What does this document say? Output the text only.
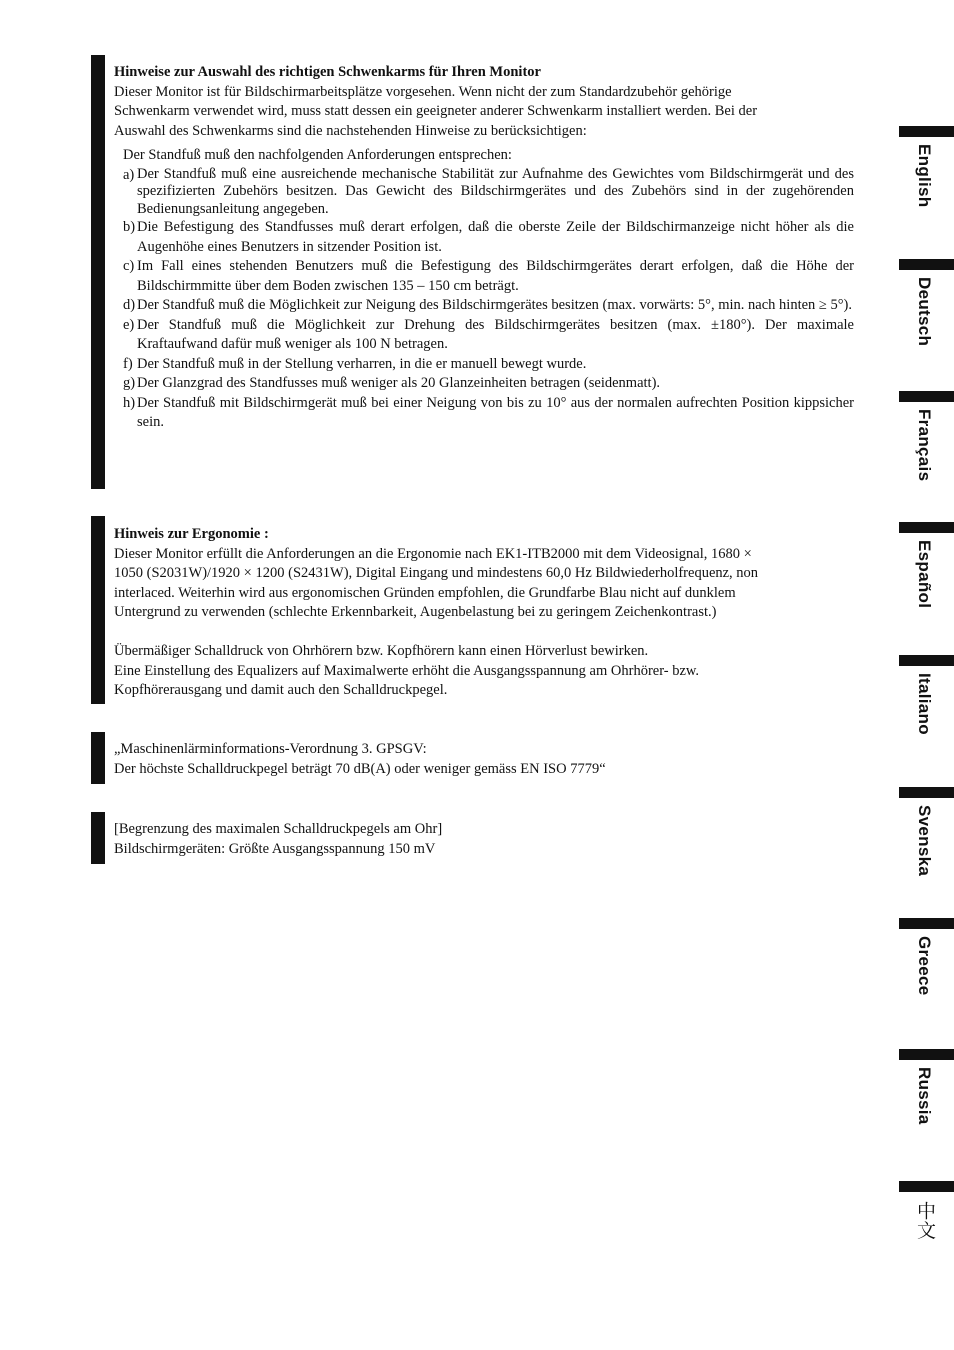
Hinweise zur Auswahl des richtigen Schwenkarms für Ihren Monitor
Dieser Monitor ist für Bildschirmarbeitsplätze vorgesehen. Wenn nicht der zum Standardzubehör gehörige
Schwenkarm verwendet wird, muss statt dessen ein geeigneter anderer Schwenkarm installiert werden. Bei der
Auswahl des Schwenkarms sind die nachstehenden Hinweise zu berücksichtigen:
Der Standfuß muß den nachfolgenden Anforderungen entsprechen:
a) Der Standfuß muß eine ausreichende mechanische Stabilität zur Aufnahme des Gewichtes vom Bildschirmgerät und des spezifizierten Zubehörs besitzen. Das Gewicht des Bildschirmgerätes und des Zubehörs sind in der zugehörenden Bedienungsanleitung angegeben.
b) Die Befestigung des Standfusses muß derart erfolgen, daß die oberste Zeile der Bildschirmanzeige nicht höher als die Augenhöhe eines Benutzers in sitzender Position ist.
c) Im Fall eines stehenden Benutzers muß die Befestigung des Bildschirmgerätes derart erfolgen, daß die Höhe der Bildschirmmitte über dem Boden zwischen 135 – 150 cm beträgt.
d) Der Standfuß muß die Möglichkeit zur Neigung des Bildschirmgerätes besitzen (max. vorwärts: 5°, min. nach hinten ≥ 5°).
e) Der Standfuß muß die Möglichkeit zur Drehung des Bildschirmgerätes besitzen (max. ±180°). Der maximale Kraftaufwand dafür muß weniger als 100 N betragen.
f) Der Standfuß muß in der Stellung verharren, in die er manuell bewegt wurde.
g) Der Glanzgrad des Standfusses muß weniger als 20 Glanzeinheiten betragen (seidenmatt).
h) Der Standfuß mit Bildschirmgerät muß bei einer Neigung von bis zu 10° aus der normalen aufrechten Position kippsicher sein.
Hinweis zur Ergonomie :
Dieser Monitor erfüllt die Anforderungen an die Ergonomie nach EK1-ITB2000 mit dem Videosignal, 1680 ×
1050 (S2031W)/1920 × 1200 (S2431W), Digital Eingang und mindestens 60,0 Hz Bildwiederholfrequenz, non
interlaced. Weiterhin wird aus ergonomischen Gründen empfohlen, die Grundfarbe Blau nicht auf dunklem
Untergrund zu verwenden (schlechte Erkennbarkeit, Augenbelastung bei zu geringem Zeichenkontrast.)
Übermäßiger Schalldruck von Ohrhörern bzw. Kopfhörern kann einen Hörverlust bewirken.
Eine Einstellung des Equalizers auf Maximalwerte erhöht die Ausgangsspannung am Ohrhörer- bzw.
Kopfhörerausgang und damit auch den Schalldruckpegel.
„Maschinenlärminformations-Verordnung 3. GPSGV:
Der höchste Schalldruckpegel beträgt 70 dB(A) oder weniger gemäss EN ISO 7779“
[Begrenzung des maximalen Schalldruckpegels am Ohr]
Bildschirmgeräten: Größte Ausgangsspannung 150 mV
English
Deutsch
Français
Español
Italiano
Svenska
Greece
Russia
中文
